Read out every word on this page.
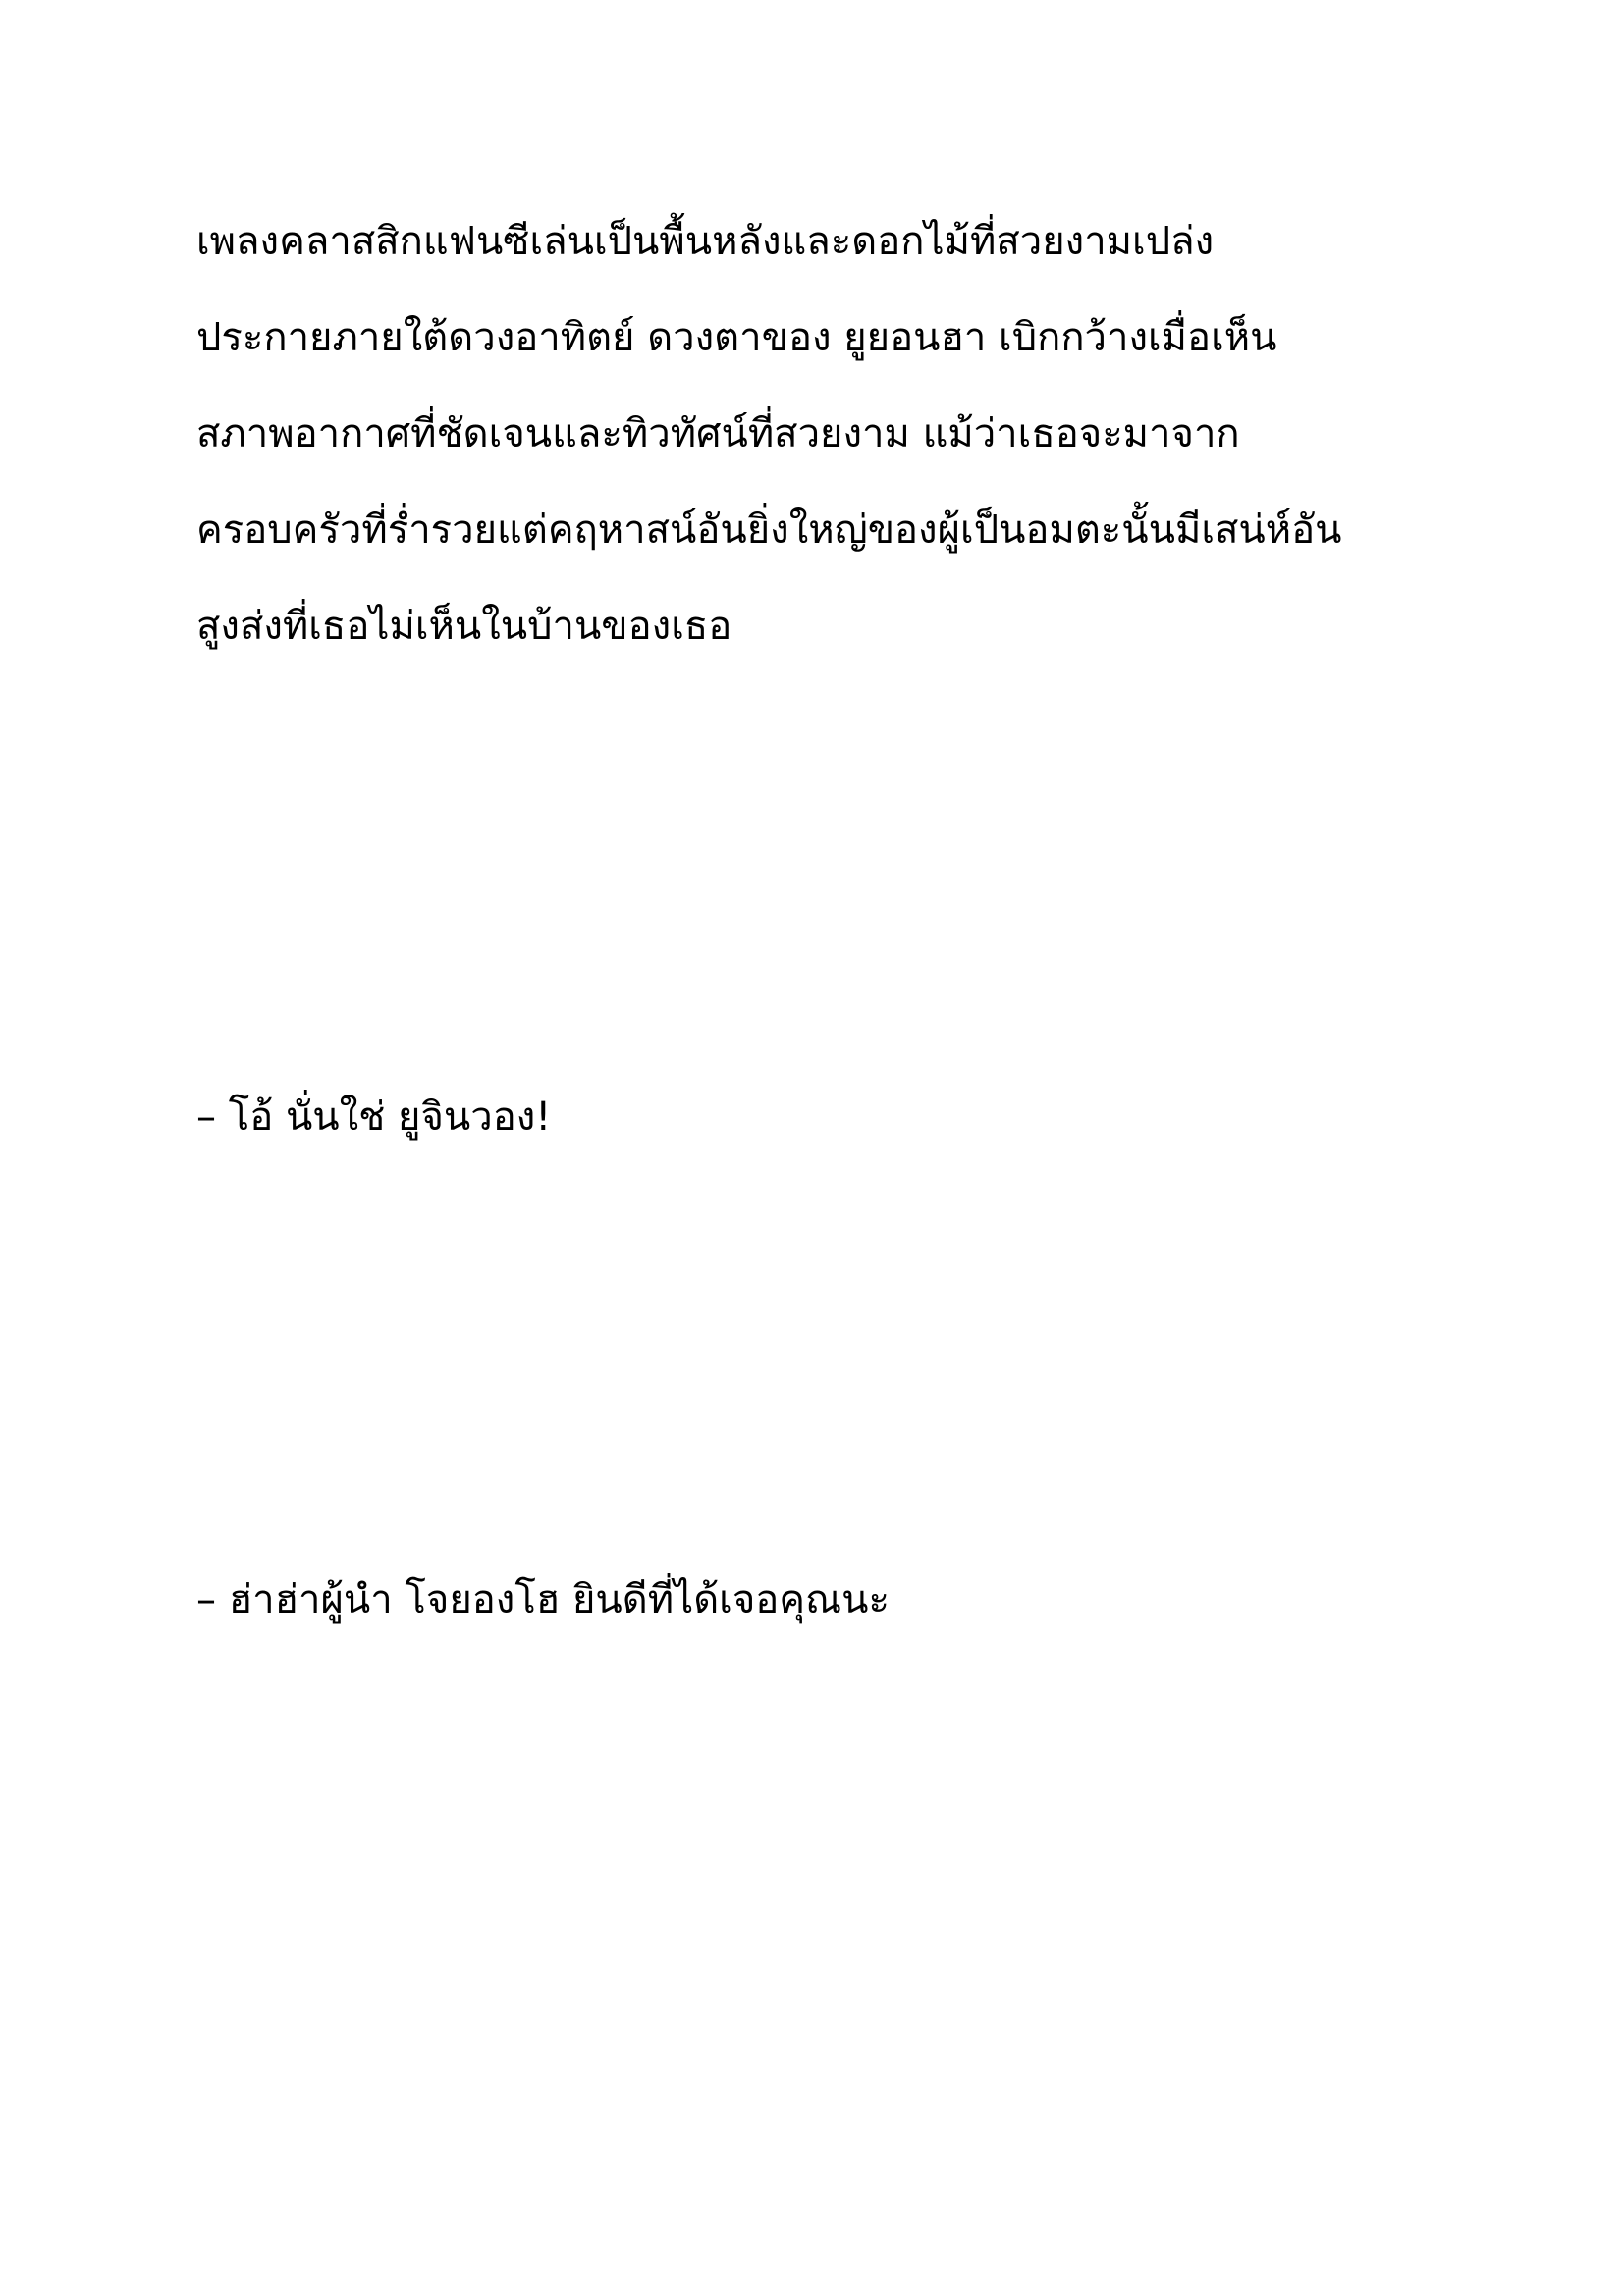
เพลงคลาสสิกแฟนซีเล่นเป็นพื้นหลังและดอกไม้ที่สวยงามเปล่ง

ประกายภายใต้ดวงอาทิตย์ ดวงตาของ ยูยอนฮา เบิกกว้างเมื่อเห็น

สภาพอากาศที่ชัดเจนและทิวทัศน์ที่สวยงาม แม้ว่าเธอจะมาจาก

ครอบครัวที่ร่ำรวยแต่คฤหาสน์อันยิ่งใหญ่ของผู้เป็นอมตะนั้นมีเสน่ห์อัน

สูงส่งที่เธอไม่เห็นในบ้านของเธอ

– โอ้ นั่นใช่ ยูจินวอง!

– ฮ่าฮ่าผู้นำ โจยองโฮ ยินดีที่ได้เจอคุณนะ
